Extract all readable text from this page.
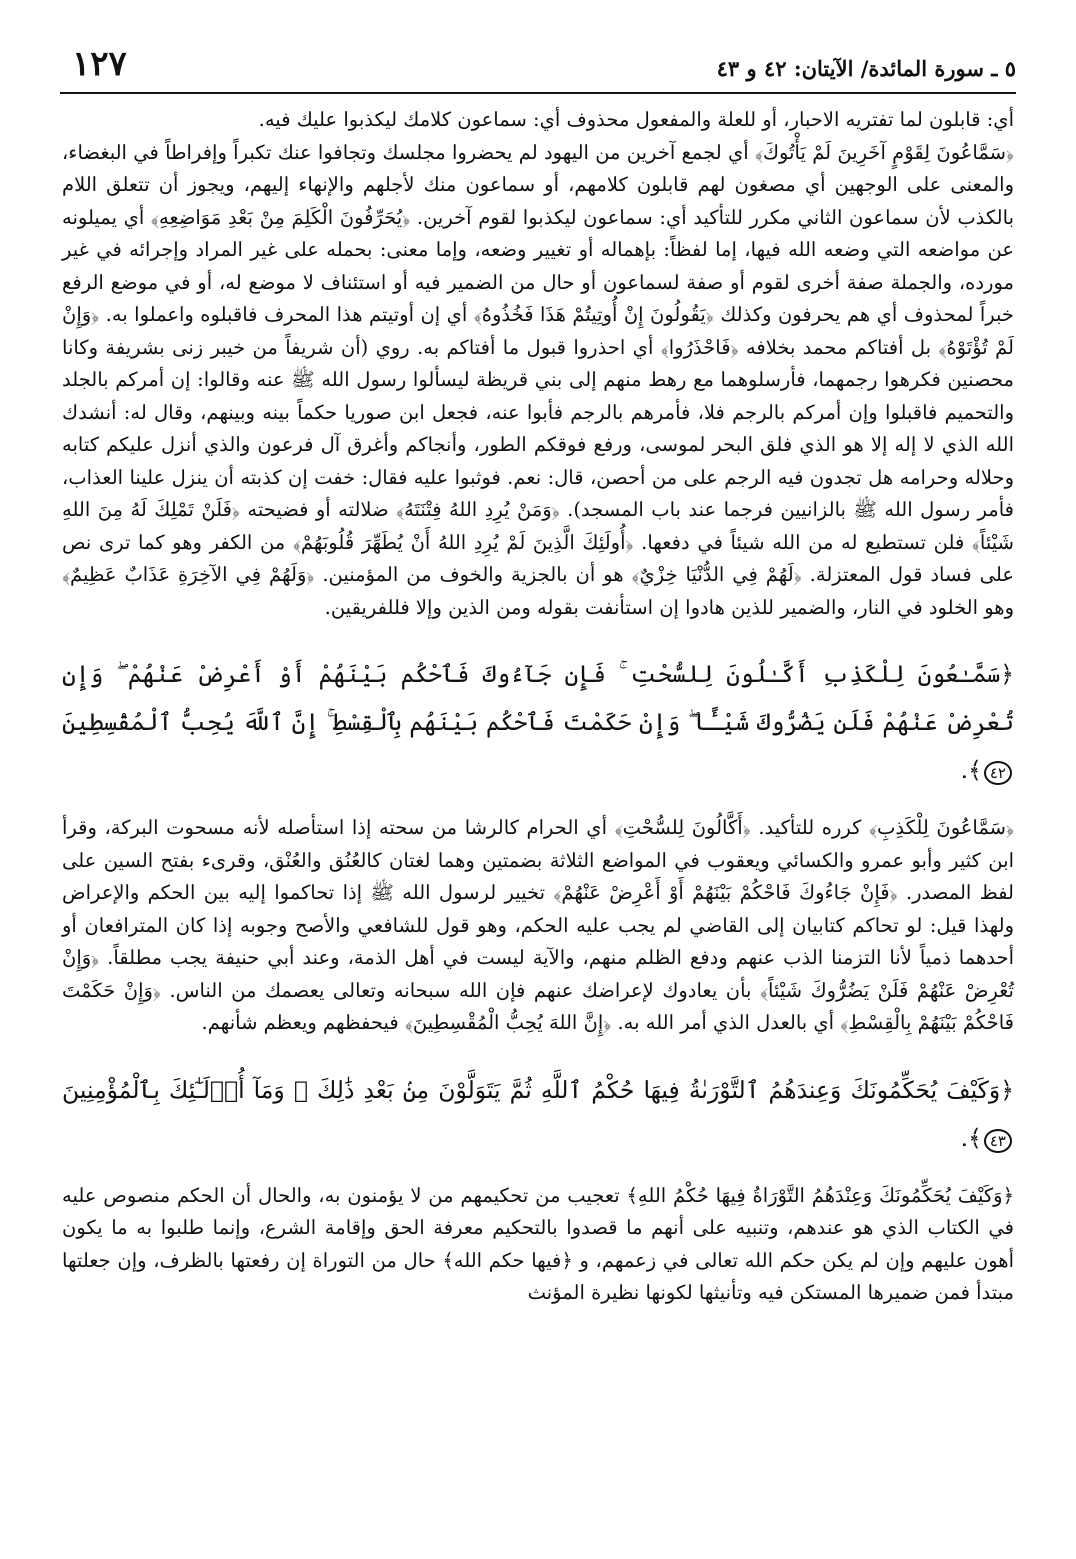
٥ ـ سورة المائدة/ الآيتان: ٤٢ و ٤٣
١٢٧

أي: قابلون لما تفتريه الاحبار، أو للعلة والمفعول محذوف أي: سماعون كلامك ليكذبوا عليك فيه.

﴿سَمَّاعُونَ لِقَوْمٍ آخَرِينَ لَمْ يَأْتُوكَ﴾ أي لجمع آخرين من اليهود لم يحضروا مجلسك وتجافوا عنك تكبراً وإفراطاً في البغضاء، والمعنى على الوجهين أي مصغون لهم قابلون كلامهم، أو سماعون منك لأجلهم والإنهاء إليهم، ويجوز أن تتعلق اللام بالكذب لأن سماعون الثاني مكرر للتأكيد أي: سماعون ليكذبوا لقوم آخرين. ﴿يُحَرِّفُونَ الْكَلِمَ مِنْ بَعْدِ مَوَاضِعِهِ﴾ أي يميلونه عن مواضعه التي وضعه الله فيها، إما لفظاً: بإهماله أو تغيير وضعه، وإما معنى: بحمله على غير المراد وإجرائه في غير مورده، والجملة صفة أخرى لقوم أو صفة لسماعون أو حال من الضمير فيه أو استئناف لا موضع له، أو في موضع الرفع خبراً لمحذوف أي هم يحرفون وكذلك ﴿يَقُولُونَ إِنْ أُوتِيتُمْ هَذَا فَخُذُوهُ﴾ أي إن أوتيتم هذا المحرف فاقبلوه واعملوا به. ﴿وَإِنْ لَمْ تُؤْتَوْهُ﴾ بل أفتاكم محمد بخلافه ﴿فَاحْذَرُوا﴾ أي احذروا قبول ما أفتاكم به. روي (أن شريفاً من خيبر زنى بشريفة وكانا محصنين فكرهوا رجمهما، فأرسلوهما مع رهط منهم إلى بني قريظة ليسألوا رسول الله ﷺ عنه وقالوا: إن أمركم بالجلد والتحميم فاقبلوا وإن أمركم بالرجم فلا، فأمرهم بالرجم فأبوا عنه، فجعل ابن صوريا حكماً بينه وبينهم، وقال له: أنشدك الله الذي لا إله إلا هو الذي فلق البحر لموسى، ورفع فوقكم الطور، وأنجاكم وأغرق آل فرعون والذي أنزل عليكم كتابه وحلاله وحرامه هل تجدون فيه الرجم على من أحصن، قال: نعم. فوثبوا عليه فقال: خفت إن كذبته أن ينزل علينا العذاب، فأمر رسول الله ﷺ بالزانيين فرجما عند باب المسجد). ﴿وَمَنْ يُرِدِ اللهُ فِتْنَتَهُ﴾ ضلالته أو فضيحته ﴿فَلَنْ تَمْلِكَ لَهُ مِنَ اللهِ شَيْئاً﴾ فلن تستطيع له من الله شيئاً في دفعها. ﴿أُولَئِكَ الَّذِينَ لَمْ يُرِدِ اللهُ أَنْ يُطَهِّرَ قُلُوبَهُمْ﴾ من الكفر وهو كما ترى نص على فساد قول المعتزلة. ﴿لَهُمْ فِي الدُّنْيَا خِزْيٌ﴾ هو أن بالجزية والخوف من المؤمنين. ﴿وَلَهُمْ فِي الآخِرَةِ عَذَابٌ عَظِيمٌ﴾ وهو الخلود في النار، والضمير للذين هادوا إن استأنفت بقوله ومن الذين وإلا فللفريقين.

﴿سَمَّـٰعُونَ لِلْكَذِبِ أَكَّـٰلُونَ لِلسُّحْتِ ۚ فَإِن جَآءُوكَ فَٱحْكُم بَيْنَهُمْ أَوْ أَعْرِضْ عَنْهُمْ ۖ وَإِن تُعْرِضْ عَنْهُمْ فَلَن يَضُرُّوكَ شَيْـًٔا ۖ وَإِنْ حَكَمْتَ فَٱحْكُم بَيْنَهُم بِٱلْقِسْطِ ۚ إِنَّ ٱللَّهَ يُحِبُّ ٱلْمُقْسِطِينَ ٤٢﴾.

﴿سَمَّاعُونَ لِلْكَذِبِ﴾ كرره للتأكيد. ﴿أَكَّالُونَ لِلسُّحْتِ﴾ أي الحرام كالرشا من سحته إذا استأصله لأنه مسحوت البركة، وقرأ ابن كثير وأبو عمرو والكسائي ويعقوب في المواضع الثلاثة بضمتين وهما لغتان كالعُنُق والعُنْق، وقرىء بفتح السين على لفظ المصدر. ﴿فَإِنْ جَاءُوكَ فَاحْكُمْ بَيْنَهُمْ أَوْ أَعْرِضْ عَنْهُمْ﴾ تخيير لرسول الله ﷺ إذا تحاكموا إليه بين الحكم والإعراض ولهذا قيل: لو تحاكم كتابيان إلى القاضي لم يجب عليه الحكم، وهو قول للشافعي والأصح وجوبه إذا كان المترافعان أو أحدهما ذمياً لأنا التزمنا الذب عنهم ودفع الظلم منهم، والآية ليست في أهل الذمة، وعند أبي حنيفة يجب مطلقاً. ﴿وَإِنْ تُعْرِضْ عَنْهُمْ فَلَنْ يَضُرُّوكَ شَيْئاً﴾ بأن يعادوك لإعراضك عنهم فإن الله سبحانه وتعالى يعصمك من الناس. ﴿وَإِنْ حَكَمْتَ فَاحْكُمْ بَيْنَهُمْ بِالْقِسْطِ﴾ أي بالعدل الذي أمر الله به. ﴿إِنَّ اللهَ يُحِبُّ الْمُقْسِطِينَ﴾ فيحفظهم ويعظم شأنهم.

﴿وَكَيْفَ يُحَكِّمُونَكَ وَعِندَهُمُ ٱلتَّوْرَىٰةُ فِيهَا حُكْمُ ٱللَّهِ ثُمَّ يَتَوَلَّوْنَ مِنۢ بَعْدِ ذَٰلِكَ ۚ وَمَآ أُو۟لَـٰٓئِكَ بِٱلْمُؤْمِنِينَ ٤٣﴾.

﴿وَكَيْفَ يُحَكِّمُونَكَ وَعِنْدَهُمُ التَّوْرَاةُ فِيهَا حُكْمُ اللهِ﴾ تعجيب من تحكيمهم من لا يؤمنون به، والحال أن الحكم منصوص عليه في الكتاب الذي هو عندهم، وتنبيه على أنهم ما قصدوا بالتحكيم معرفة الحق وإقامة الشرع، وإنما طلبوا به ما يكون أهون عليهم وإن لم يكن حكم الله تعالى في زعمهم، و ﴿فيها حكم الله﴾ حال من التوراة إن رفعتها بالظرف، وإن جعلتها مبتدأ فمن ضميرها المستكن فيه وتأنيثها لكونها نظيرة المؤنث
